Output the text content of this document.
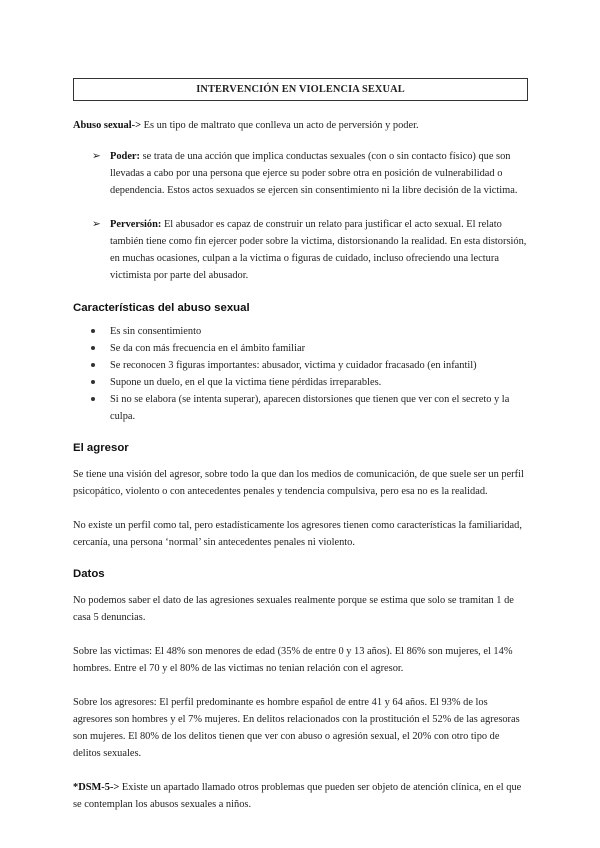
INTERVENCIÓN EN VIOLENCIA SEXUAL

Abuso sexual-> Es un tipo de maltrato que conlleva un acto de perversión y poder.

➢ Poder: se trata de una acción que implica conductas sexuales (con o sin contacto físico) que son llevadas a cabo por una persona que ejerce su poder sobre otra en posición de vulnerabilidad o dependencia. Estos actos sexuados se ejercen sin consentimiento ni la libre decisión de la victima.

➢ Perversión: El abusador es capaz de construir un relato para justificar el acto sexual. El relato también tiene como fin ejercer poder sobre la victima, distorsionando la realidad. En esta distorsión, en muchas ocasiones, culpan a la victima o figuras de cuidado, incluso ofreciendo una lectura victimista por parte del abusador.

Características del abuso sexual
Es sin consentimiento
Se da con más frecuencia en el ámbito familiar
Se reconocen 3 figuras importantes: abusador, victima y cuidador fracasado (en infantil)
Supone un duelo, en el que la victima tiene pérdidas irreparables.
Si no se elabora (se intenta superar), aparecen distorsiones que tienen que ver con el secreto y la culpa.
El agresor

Se tiene una visión del agresor, sobre todo la que dan los medios de comunicación, de que suele ser un perfil psicopático, violento o con antecedentes penales y tendencia compulsiva, pero esa no es la realidad.

No existe un perfil como tal, pero estadísticamente los agresores tienen como características la familiaridad, cercanía, una persona ‘normal’ sin antecedentes penales ni violento.

Datos

No podemos saber el dato de las agresiones sexuales realmente porque se estima que solo se tramitan 1 de casa 5 denuncias.

Sobre las victimas: El 48% son menores de edad (35% de entre 0 y 13 años). El 86% son mujeres, el 14% hombres. Entre el 70 y el 80% de las victimas no tenian relación con el agresor.

Sobre los agresores: El perfil predominante es hombre español de entre 41 y 64 años. El 93% de los agresores son hombres y el 7% mujeres. En delitos relacionados con la prostitución el 52% de las agresoras son mujeres. El 80% de los delitos tienen que ver con abuso o agresión sexual, el 20% con otro tipo de delitos sexuales.

*DSM-5-> Existe un apartado llamado otros problemas que pueden ser objeto de atención clínica, en el que se contemplan los abusos sexuales a niños.
